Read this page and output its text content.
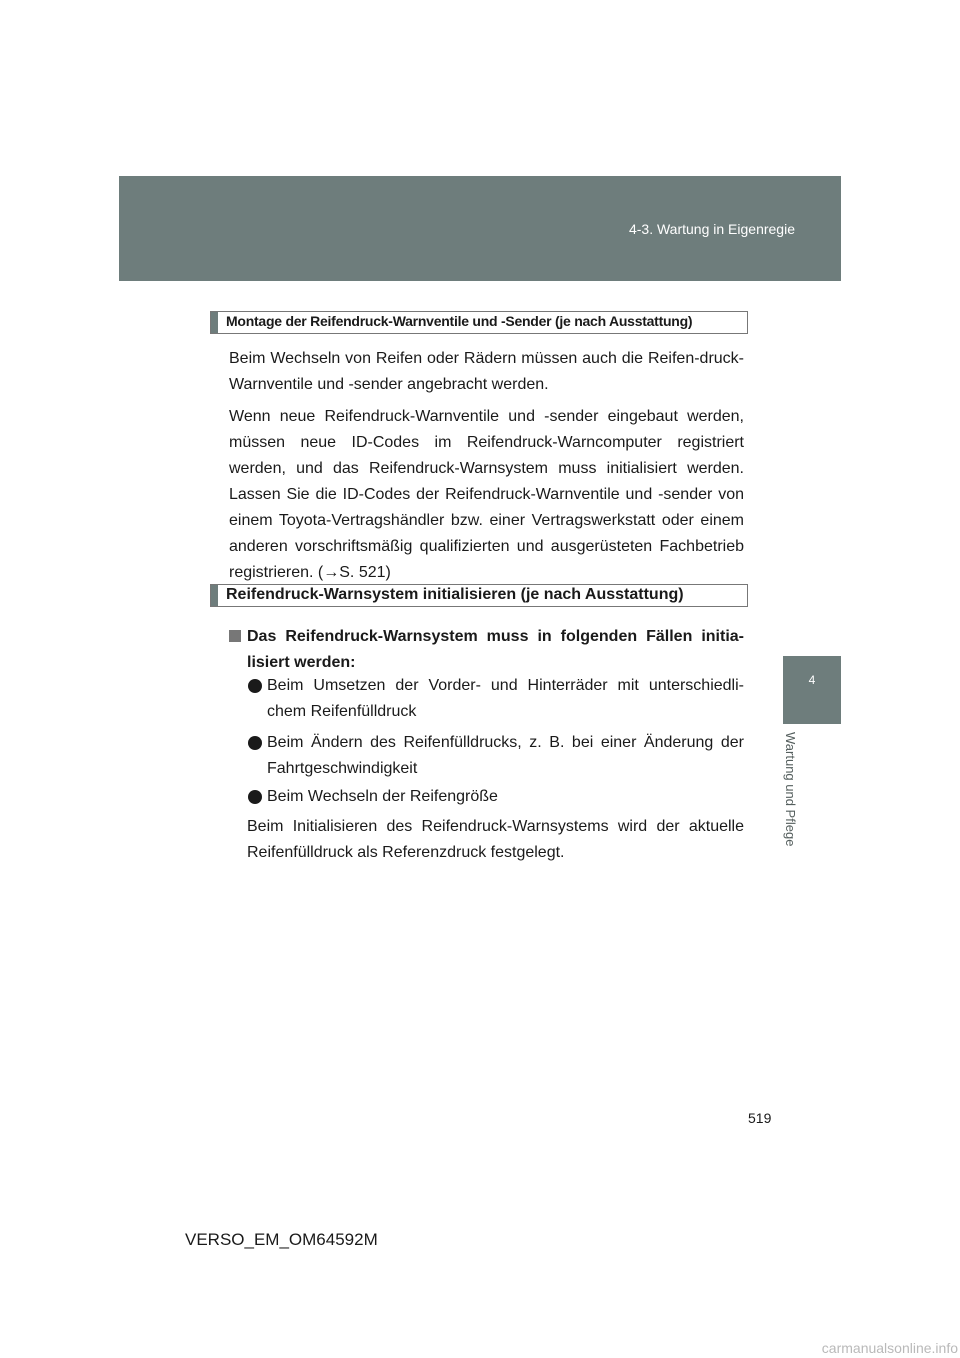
4-3. Wartung in Eigenregie
4
Wartung und Pflege
Montage der Reifendruck-Warnventile und -Sender (je nach Ausstattung)

Beim Wechseln von Reifen oder Rädern müssen auch die Reifen-druck-Warnventile und -sender angebracht werden.

Wenn neue Reifendruck-Warnventile und -sender eingebaut werden, müssen neue ID-Codes im Reifendruck-Warncomputer registriert werden, und das Reifendruck-Warnsystem muss initialisiert werden. Lassen Sie die ID-Codes der Reifendruck-Warnventile und -sender von einem Toyota-Vertragshändler bzw. einer Vertragswerkstatt oder einem anderen vorschriftsmäßig qualifizierten und ausgerüsteten Fachbetrieb registrieren. (→S. 521)

Reifendruck-Warnsystem initialisieren (je nach Ausstattung)
Das Reifendruck-Warnsystem muss in folgenden Fällen initia-lisiert werden:
Beim Umsetzen der Vorder- und Hinterräder mit unterschiedli-chem Reifenfülldruck
Beim Ändern des Reifenfülldrucks, z. B. bei einer Änderung der Fahrtgeschwindigkeit
Beim Wechseln der Reifengröße

Beim Initialisieren des Reifendruck-Warnsystems wird der aktuelle Reifenfülldruck als Referenzdruck festgelegt.

519
VERSO_EM_OM64592M
carmanualsonline.info
